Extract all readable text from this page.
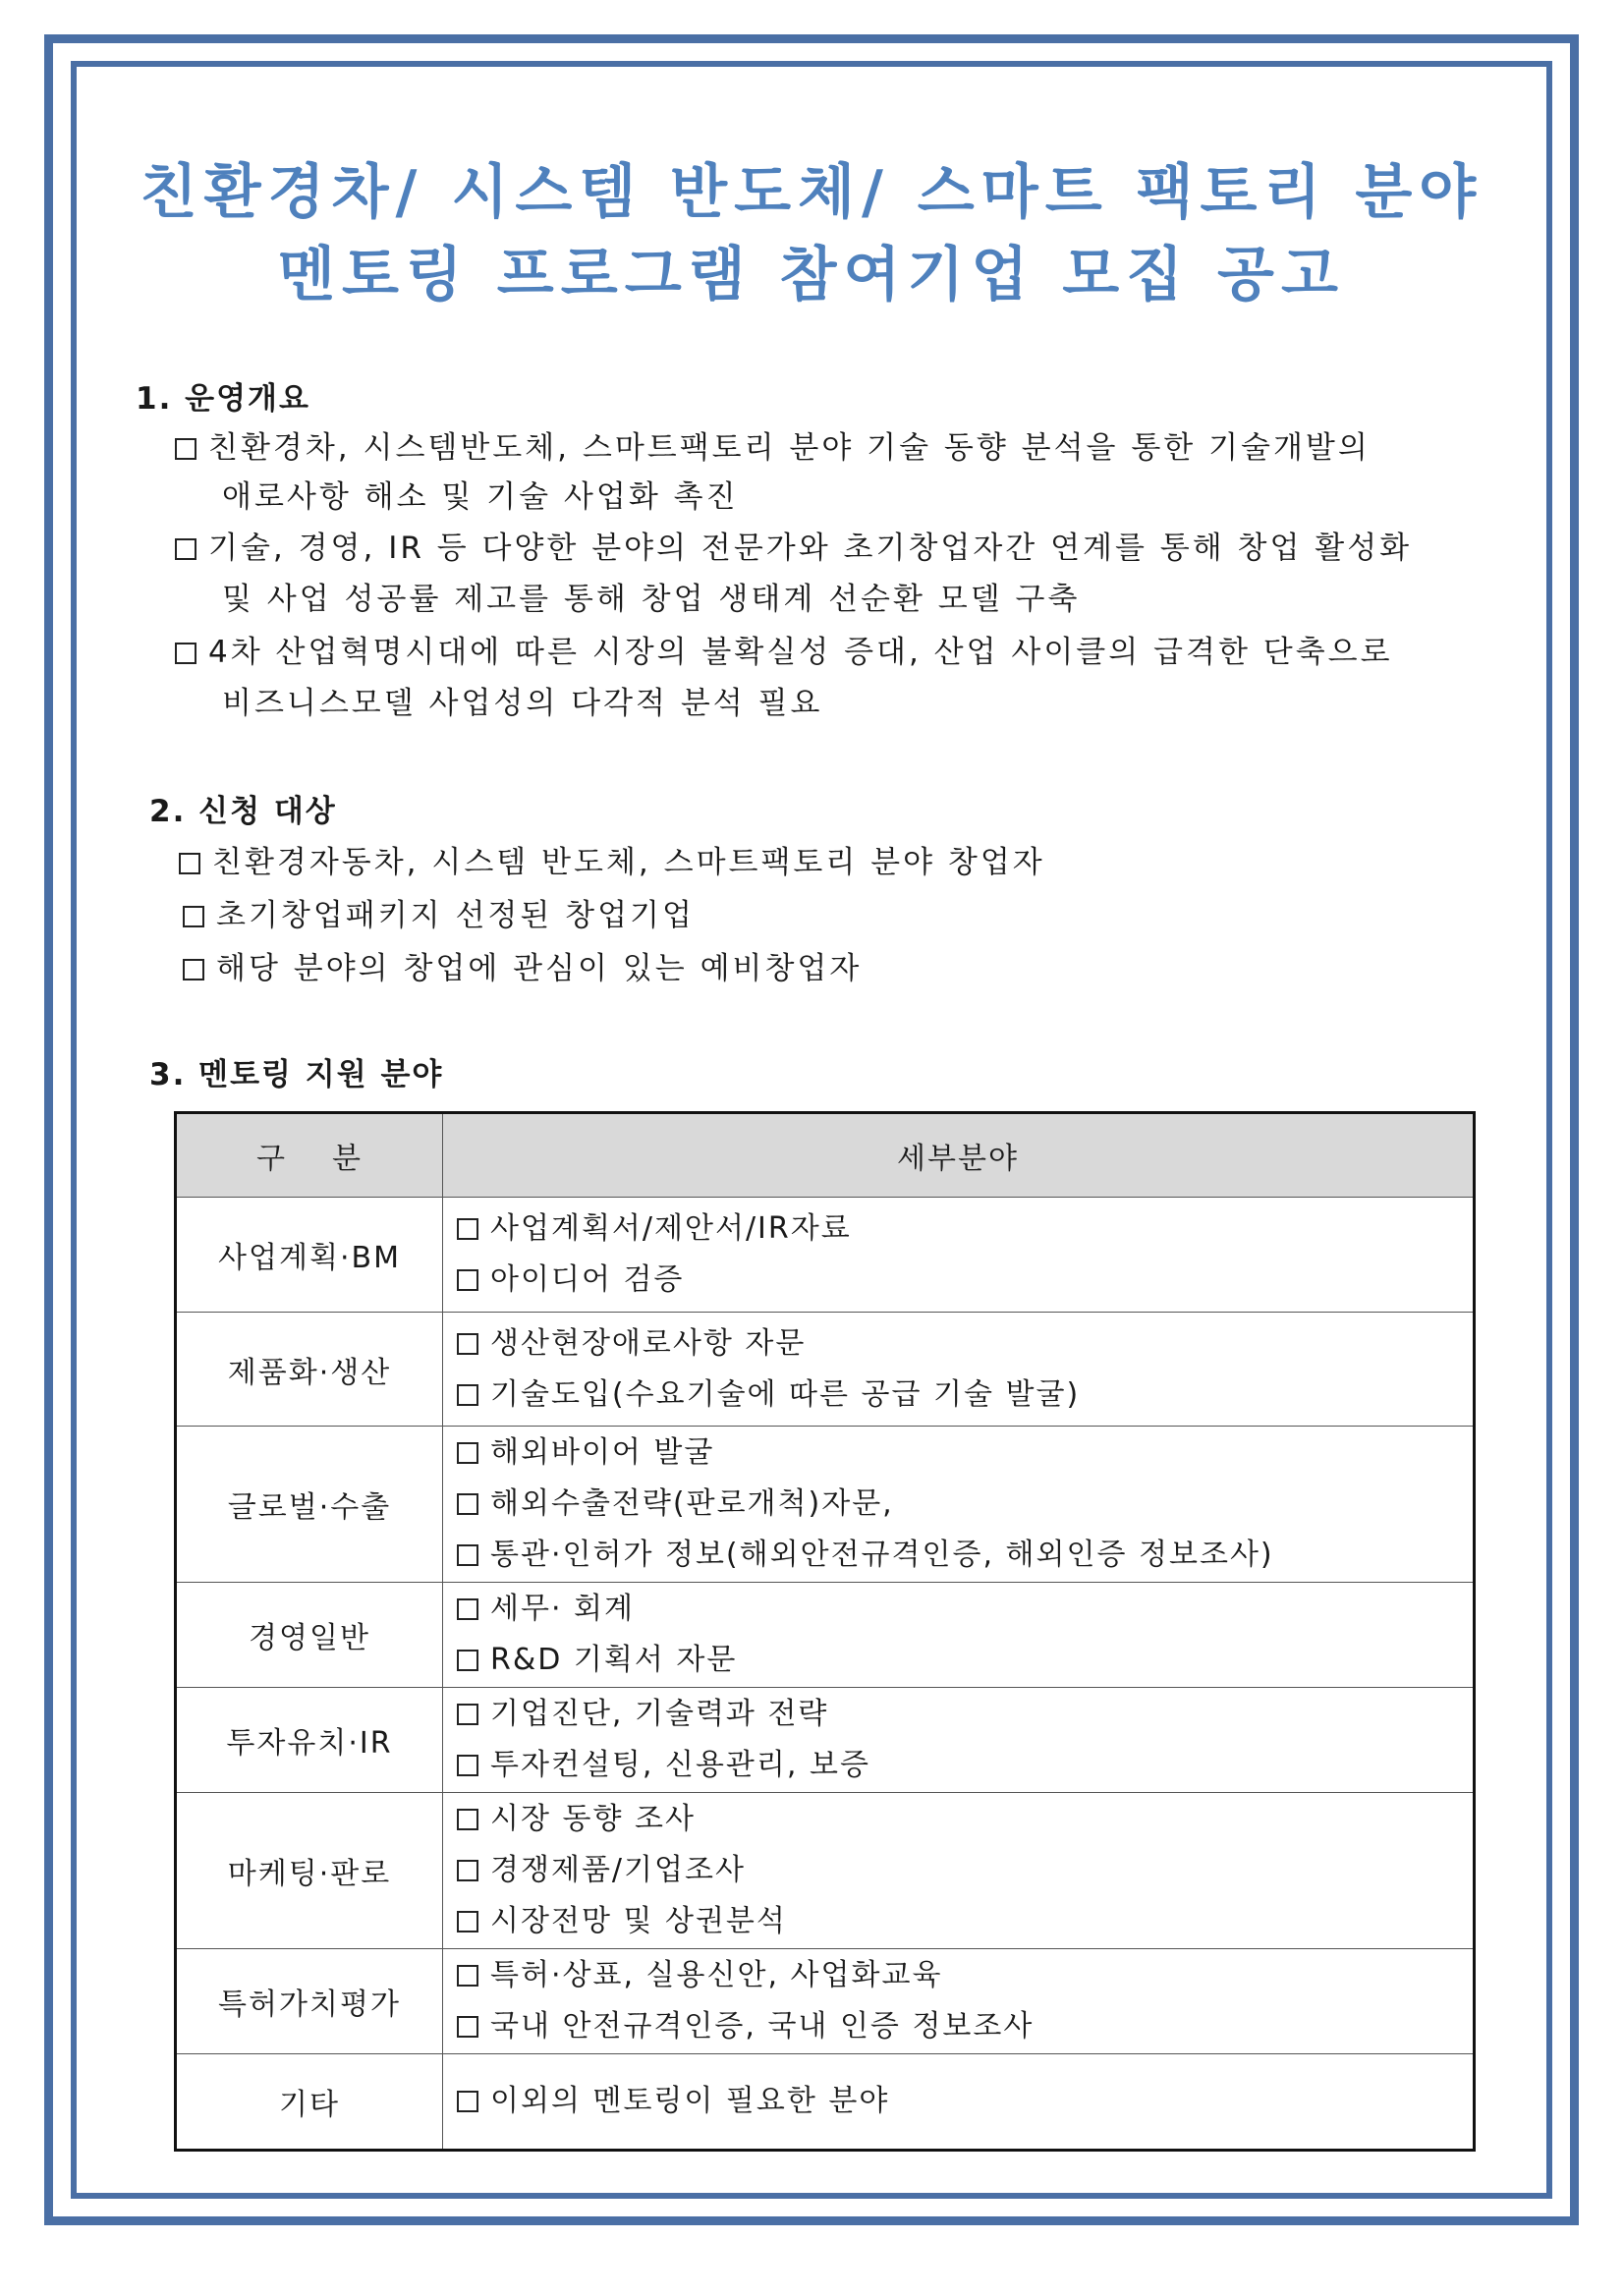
친환경차/ 시스템 반도체/ 스마트 팩토리 분야
멘토링 프로그램 참여기업 모집 공고
1. 운영개요
친환경차, 시스템반도체, 스마트팩토리 분야 기술 동향 분석을 통한 기술개발의
애로사항 해소 및 기술 사업화 촉진
기술, 경영, IR 등 다양한 분야의 전문가와 초기창업자간 연계를 통해 창업 활성화
및 사업 성공률 제고를 통해 창업 생태계 선순환 모델 구축
4차 산업혁명시대에 따른 시장의 불확실성 증대, 산업 사이클의 급격한 단축으로
비즈니스모델 사업성의 다각적 분석 필요
2. 신청 대상
친환경자동차, 시스템 반도체, 스마트팩토리 분야 창업자
초기창업패키지 선정된 창업기업
해당 분야의 창업에 관심이 있는 예비창업자
3. 멘토링 지원 분야
구    분	세부분야
사업계획·BM	사업계획서/제안서/IR자료
아이디어 검증

제품화·생산	생산현장애로사항 자문
기술도입(수요기술에 따른 공급 기술 발굴)

글로벌·수출	해외바이어 발굴
해외수출전략(판로개척)자문,
통관·인허가 정보(해외안전규격인증, 해외인증 정보조사)

경영일반	세무· 회계
R&D 기획서 자문

투자유치·IR	기업진단, 기술력과 전략
투자컨설팅, 신용관리, 보증

마케팅·판로	시장 동향 조사
경쟁제품/기업조사
시장전망 및 상권분석

특허가치평가	특허·상표, 실용신안, 사업화교육
국내 안전규격인증, 국내 인증 정보조사

기타	이외의 멘토링이 필요한 분야
